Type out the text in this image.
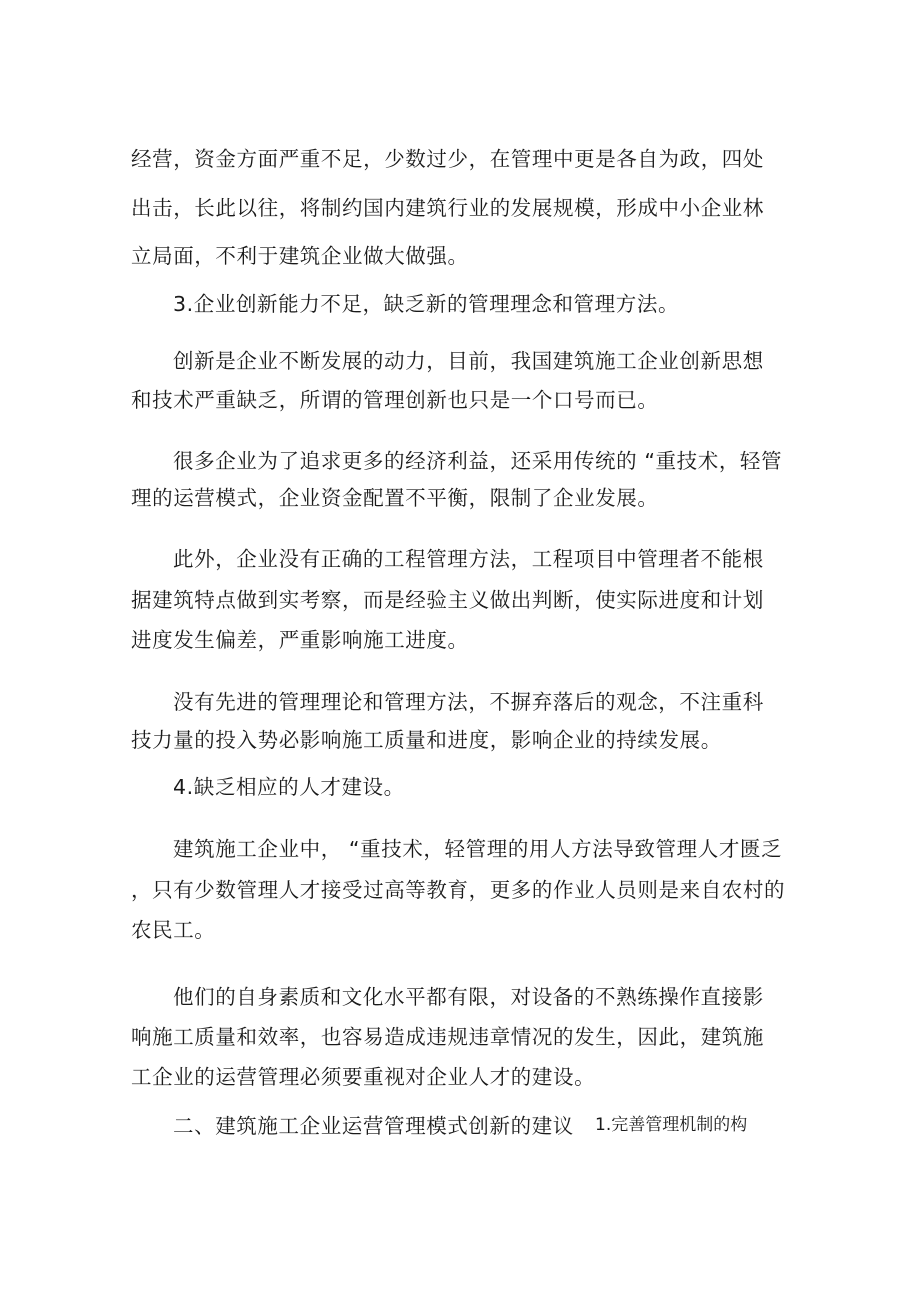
经营，资金方面严重不足，少数过少，在管理中更是各自为政，四处
出击，长此以往，将制约国内建筑行业的发展规模，形成中小企业林
立局面，不利于建筑企业做大做强。
3.企业创新能力不足，缺乏新的管理理念和管理方法。
创新是企业不断发展的动力，目前，我国建筑施工企业创新思想
和技术严重缺乏，所谓的管理创新也只是一个口号而已。
很多企业为了追求更多的经济利益，还采用传统的 “重技术，轻管
理的运营模式，企业资金配置不平衡，限制了企业发展。
此外，企业没有正确的工程管理方法，工程项目中管理者不能根
据建筑特点做到实考察，而是经验主义做出判断，使实际进度和计划
进度发生偏差，严重影响施工进度。
没有先进的管理理论和管理方法，不摒弃落后的观念，不注重科
技力量的投入势必影响施工质量和进度，影响企业的持续发展。
4.缺乏相应的人才建设。
建筑施工企业中， “重技术，轻管理的用人方法导致管理人才匮乏
，只有少数管理人才接受过高等教育，更多的作业人员则是来自农村的
农民工。
他们的自身素质和文化水平都有限，对设备的不熟练操作直接影
响施工质量和效率，也容易造成违规违章情况的发生，因此，建筑施
工企业的运营管理必须要重视对企业人才的建设。
二、建筑施工企业运营管理模式创新的建议 1.完善管理机制的构
